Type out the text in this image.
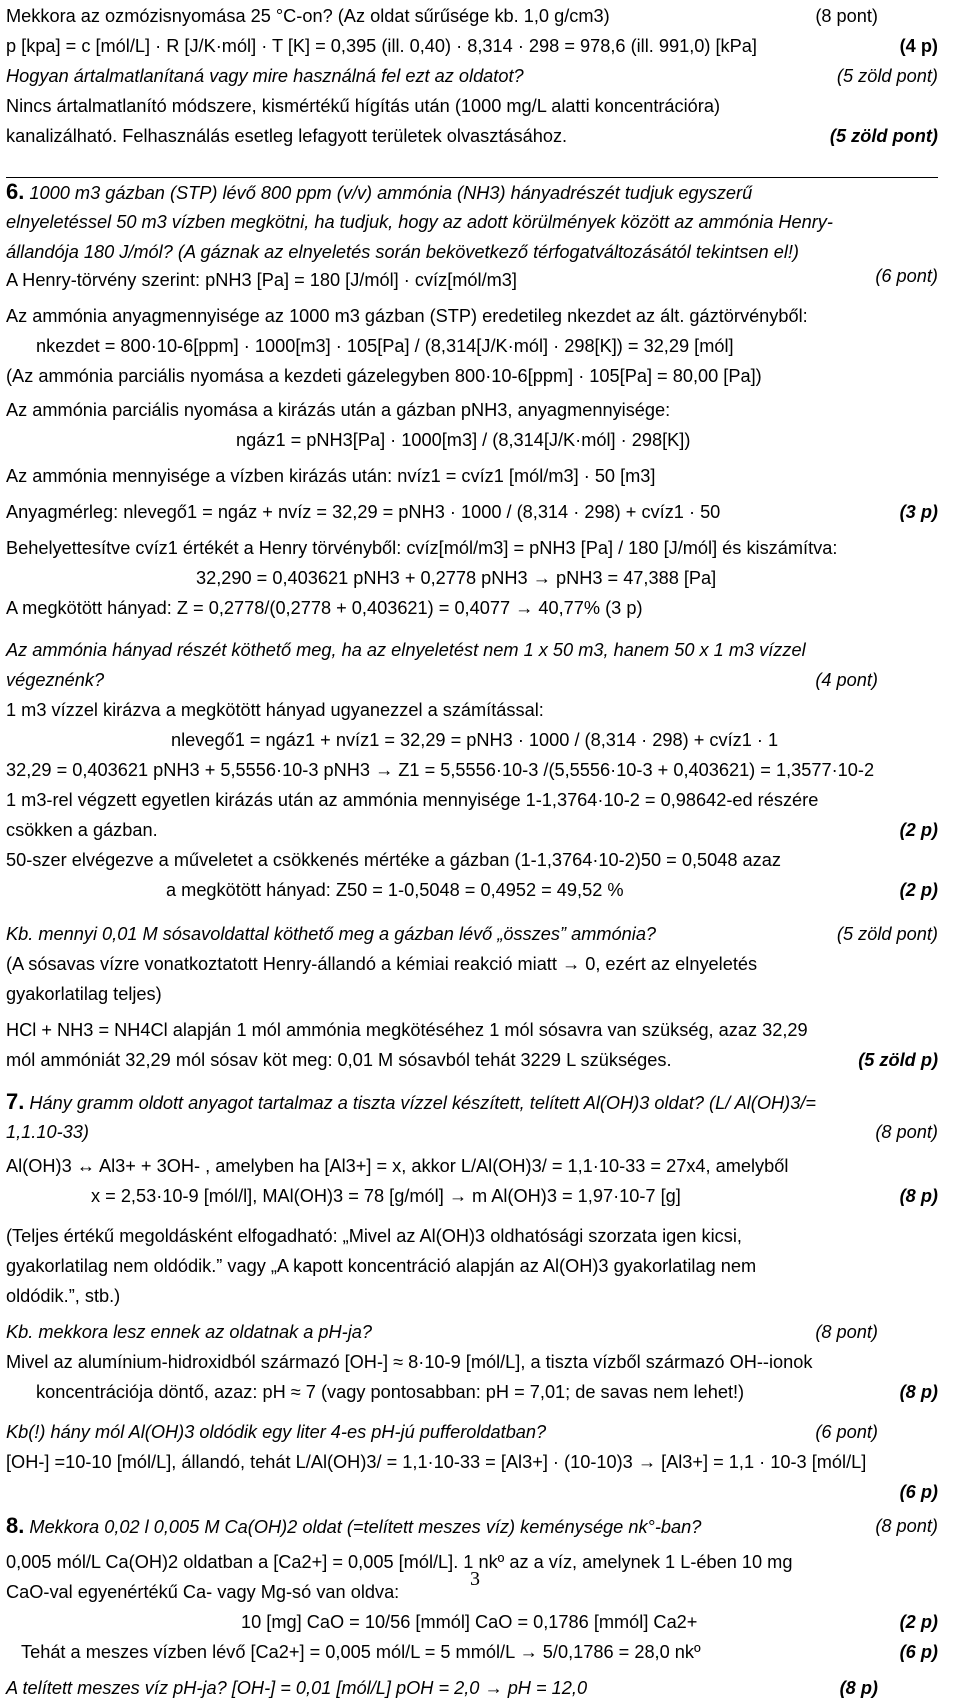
Mekkora az ozmózisnyomása 25 °C-on? (Az oldat sűrűsége kb. 1,0 g/cm3)	(8 pont)
p [kpa] = c [mól/L] · R [J/K·mól] · T [K] = 0,395 (ill. 0,40) · 8,314 · 298 = 978,6 (ill. 991,0) [kPa]	(4 p)
Hogyan ártalmatlanítaná vagy mire használná fel ezt az oldatot?	(5 zöld pont)
Nincs ártalmatlanító módszere, kismértékű hígítás után (1000 mg/L alatti koncentrációra)
kanalizálható. Felhasználás esetleg lefagyott területek olvasztásához.	(5 zöld pont)
6. 1000 m3 gázban (STP) lévő 800 ppm (v/v) ammónia (NH3) hányadrészét tudjuk egyszerű
elnyeletéssel 50 m3 vízben megkötni, ha tudjuk, hogy az adott körülmények között az ammónia Henry-
állandója 180 J/mól? (A gáznak az elnyeletés során bekövetkező térfogatváltozásától tekintsen el!)
(6 pont)
A Henry-törvény szerint: pNH3 [Pa] = 180 [J/mól] · cvíz[mól/m3]
Az ammónia anyagmennyisége az 1000 m3 gázban (STP) eredetileg nkezdet az ált. gáztörvényből:
nkezdet = 800·10-6[ppm] · 1000[m3] · 105[Pa] / (8,314[J/K·mól] · 298[K]) = 32,29 [mól]
(Az ammónia parciális nyomása a kezdeti gázelegyben 800·10-6[ppm] · 105[Pa] = 80,00 [Pa])
Az ammónia parciális nyomása a kirázás után a gázban pNH3, anyagmennyisége:
ngáz1 = pNH3[Pa] · 1000[m3] / (8,314[J/K·mól] · 298[K])
Az ammónia mennyisége a vízben kirázás után: nvíz1 = cvíz1 [mól/m3] · 50 [m3]
Anyagmérleg: nlevegő1 = ngáz + nvíz = 32,29 = pNH3 · 1000 / (8,314 · 298) + cvíz1 · 50	(3 p)
Behelyettesítve cvíz1 értékét a Henry törvényből: cvíz[mól/m3] = pNH3 [Pa] / 180 [J/mól] és kiszámítva:
32,290 = 0,403621 pNH3 + 0,2778 pNH3 → pNH3 = 47,388 [Pa]
A megkötött hányad: Z = 0,2778/(0,2778 + 0,403621) = 0,4077 → 40,77% (3 p)
Az ammónia hányad részét köthető meg, ha az elnyeletést nem 1 x 50 m3, hanem 50 x 1 m3 vízzel
végeznénk?	(4 pont)
1 m3 vízzel kirázva a megkötött hányad ugyanezzel a számítással:
nlevegő1 = ngáz1 + nvíz1 = 32,29 = pNH3 · 1000 / (8,314 · 298) + cvíz1 · 1
32,29 = 0,403621 pNH3 + 5,5556·10-3 pNH3 → Z1 = 5,5556·10-3 /(5,5556·10-3 + 0,403621) = 1,3577·10-2
1 m3-rel végzett egyetlen kirázás után az ammónia mennyisége 1-1,3764·10-2 = 0,98642-ed részére
csökken a gázban.	(2 p)
50-szer elvégezve a műveletet a csökkenés mértéke a gázban (1-1,3764·10-2)50 = 0,5048 azaz
a megkötött hányad: Z50 = 1-0,5048 = 0,4952 = 49,52 %	(2 p)
Kb. mennyi 0,01 M sósavoldattal köthető meg a gázban lévő „összes” ammónia?	(5 zöld pont)
(A sósavas vízre vonatkoztatott Henry-állandó a kémiai reakció miatt → 0, ezért az elnyeletés
gyakorlatilag teljes)
HCl + NH3 = NH4Cl alapján 1 mól ammónia megkötéséhez 1 mól sósavra van szükség, azaz 32,29
mól ammóniát 32,29 mól sósav köt meg: 0,01 M sósavból tehát 3229 L szükséges.	(5 zöld p)
7. Hány gramm oldott anyagot tartalmaz a tiszta vízzel készített, telített Al(OH)3 oldat? (L/ Al(OH)3/=
1,1.10-33)	(8 pont)
Al(OH)3 ↔ Al3+ + 3OH- , amelyben ha [Al3+] = x, akkor L/Al(OH)3/ = 1,1·10-33 = 27x4, amelyből
x = 2,53·10-9 [mól/l], MAl(OH)3 = 78 [g/mól] → m Al(OH)3 = 1,97·10-7 [g]	(8 p)
(Teljes értékű megoldásként elfogadható: „Mivel az Al(OH)3 oldhatósági szorzata igen kicsi,
gyakorlatilag nem oldódik.” vagy „A kapott koncentráció alapján az Al(OH)3 gyakorlatilag nem
oldódik.”, stb.)
Kb. mekkora lesz ennek az oldatnak a pH-ja?	(8 pont)
Mivel az alumínium-hidroxidból származó [OH-] ≈ 8·10-9 [mól/L], a tiszta vízből származó OH--ionok
koncentrációja döntő, azaz: pH ≈ 7 (vagy pontosabban: pH = 7,01; de savas nem lehet!)	(8 p)
Kb(!) hány mól Al(OH)3 oldódik egy liter 4-es pH-jú pufferoldatban?	(6 pont)
[OH-] =10-10 [mól/L], állandó, tehát L/Al(OH)3/ = 1,1·10-33 = [Al3+] · (10-10)3 → [Al3+] = 1,1 · 10-3 [mól/L]
(6 p)
8. Mekkora 0,02 l 0,005 M Ca(OH)2 oldat (=telített meszes víz) keménysége nk°-ban?	(8 pont)
0,005 mól/L Ca(OH)2 oldatban a [Ca2+] = 0,005 [mól/L]. 1 nkº az a víz, amelynek 1 L-ében 10 mg
CaO-val egyenértékű Ca- vagy Mg-só van oldva:
10 [mg] CaO = 10/56 [mmól] CaO = 0,1786 [mmól] Ca2+	(2 p)
Tehát a meszes vízben lévő [Ca2+] = 0,005 mól/L = 5 mmól/L → 5/0,1786 = 28,0 nkº	(6 p)
A telített meszes víz pH-ja? [OH-] = 0,01 [mól/L] pOH = 2,0 → pH = 12,0	(8 p)
3
